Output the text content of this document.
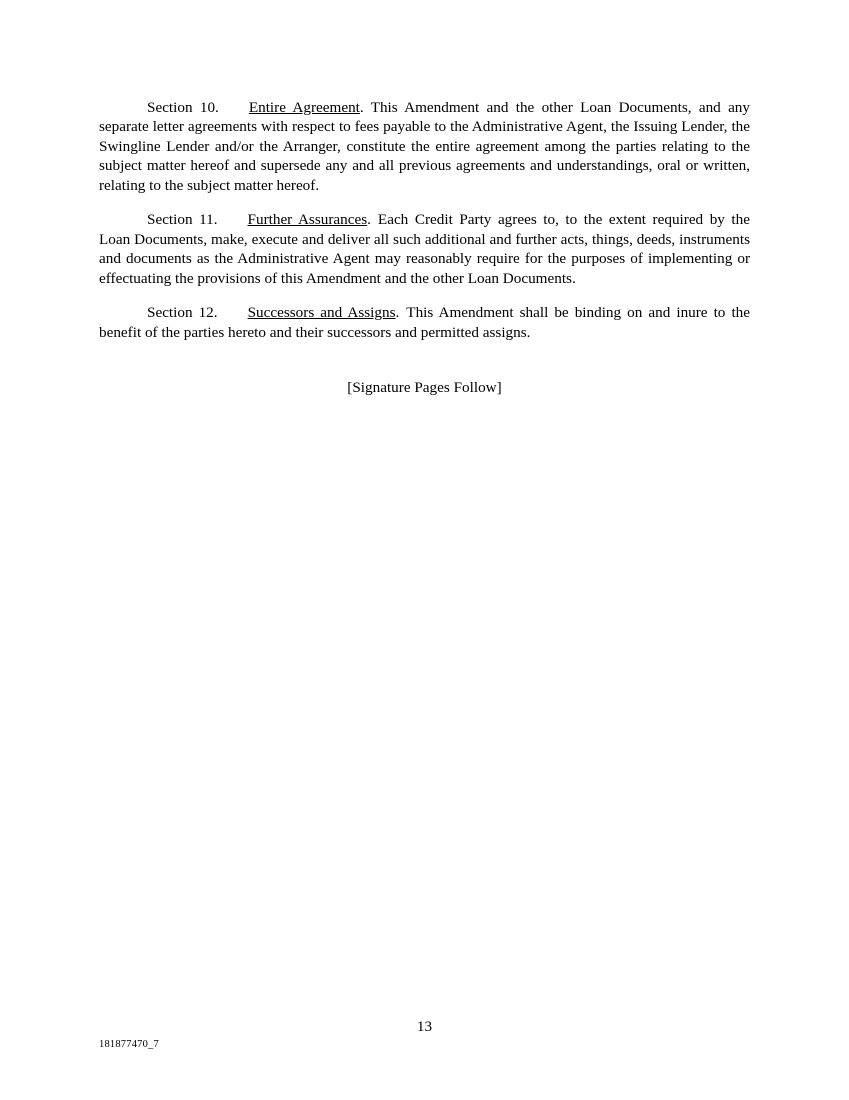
Section 10. Entire Agreement. This Amendment and the other Loan Documents, and any separate letter agreements with respect to fees payable to the Administrative Agent, the Issuing Lender, the Swingline Lender and/or the Arranger, constitute the entire agreement among the parties relating to the subject matter hereof and supersede any and all previous agreements and understandings, oral or written, relating to the subject matter hereof.

Section 11. Further Assurances. Each Credit Party agrees to, to the extent required by the Loan Documents, make, execute and deliver all such additional and further acts, things, deeds, instruments and documents as the Administrative Agent may reasonably require for the purposes of implementing or effectuating the provisions of this Amendment and the other Loan Documents.

Section 12. Successors and Assigns. This Amendment shall be binding on and inure to the benefit of the parties hereto and their successors and permitted assigns.

[Signature Pages Follow]
13
181877470_7
